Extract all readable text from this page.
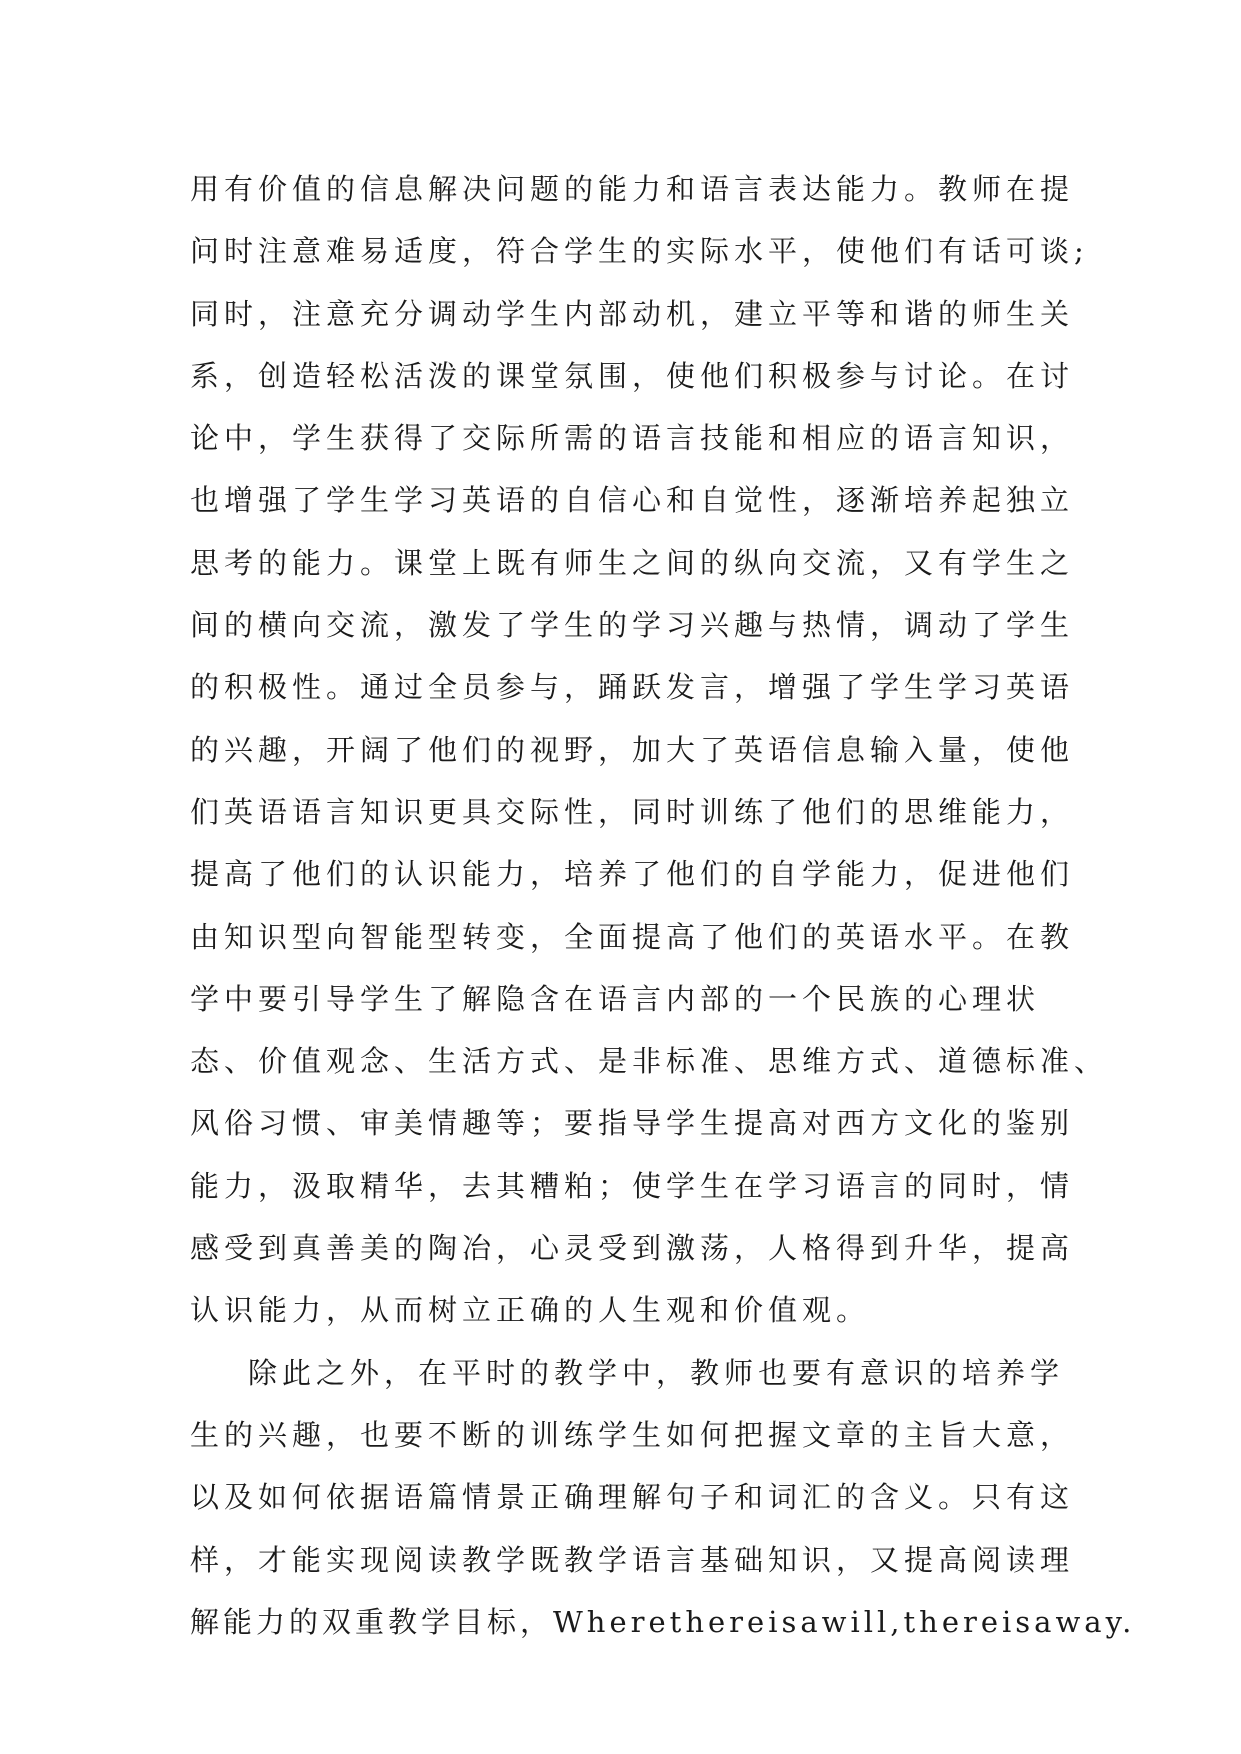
用有价值的信息解决问题的能力和语言表达能力。教师在提
问时注意难易适度，符合学生的实际水平，使他们有话可谈;
同时，注意充分调动学生内部动机，建立平等和谐的师生关
系，创造轻松活泼的课堂氛围，使他们积极参与讨论。在讨
论中，学生获得了交际所需的语言技能和相应的语言知识，
也增强了学生学习英语的自信心和自觉性，逐渐培养起独立
思考的能力。课堂上既有师生之间的纵向交流，又有学生之
间的横向交流，激发了学生的学习兴趣与热情，调动了学生
的积极性。通过全员参与，踊跃发言，增强了学生学习英语
的兴趣，开阔了他们的视野，加大了英语信息输入量，使他
们英语语言知识更具交际性，同时训练了他们的思维能力，
提高了他们的认识能力，培养了他们的自学能力，促进他们
由知识型向智能型转变，全面提高了他们的英语水平。在教
学中要引导学生了解隐含在语言内部的一个民族的心理状
态、价值观念、生活方式、是非标准、思维方式、道德标准、
风俗习惯、审美情趣等；要指导学生提高对西方文化的鉴别
能力，汲取精华，去其糟粕；使学生在学习语言的同时，情
感受到真善美的陶冶，心灵受到激荡，人格得到升华，提高
认识能力，从而树立正确的人生观和价值观。
除此之外，在平时的教学中，教师也要有意识的培养学
生的兴趣，也要不断的训练学生如何把握文章的主旨大意，
以及如何依据语篇情景正确理解句子和词汇的含义。只有这
样，才能实现阅读教学既教学语言基础知识，又提高阅读理
解能力的双重教学目标，Wherethereisawill,thereisaway.
